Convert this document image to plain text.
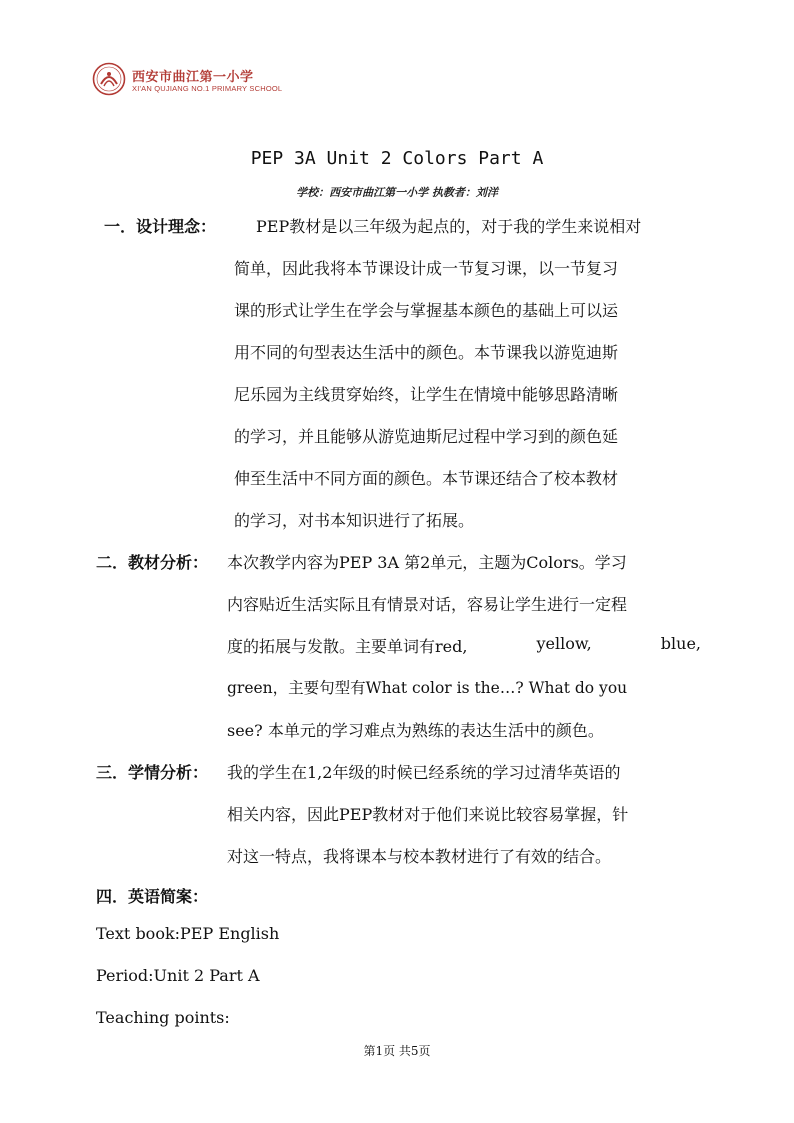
西安市曲江第一小学
XI'AN QUJIANG NO.1 PRIMARY SCHOOL
PEP 3A Unit 2 Colors Part A
学校：西安市曲江第一小学 执教者：刘洋
一．设计理念： PEP教材是以三年级为起点的，对于我的学生来说相对
简单，因此我将本节课设计成一节复习课，以一节复习
课的形式让学生在学会与掌握基本颜色的基础上可以运
用不同的句型表达生活中的颜色。本节课我以游览迪斯
尼乐园为主线贯穿始终，让学生在情境中能够思路清晰
的学习，并且能够从游览迪斯尼过程中学习到的颜色延
伸至生活中不同方面的颜色。本节课还结合了校本教材
的学习，对书本知识进行了拓展。
二．教材分析： 本次教学内容为PEP 3A 第2单元，主题为Colors。学习
内容贴近生活实际且有情景对话，容易让学生进行一定程
度的拓展与发散。主要单词有red,	yellow,	blue,
green，主要句型有What color is the…? What do you
see? 本单元的学习难点为熟练的表达生活中的颜色。
三．学情分析： 我的学生在1,2年级的时候已经系统的学习过清华英语的
相关内容，因此PEP教材对于他们来说比较容易掌握，针
对这一特点，我将课本与校本教材进行了有效的结合。
四．英语简案：
Text book:PEP English
Period:Unit 2 Part A
Teaching points:
第1页 共5页
